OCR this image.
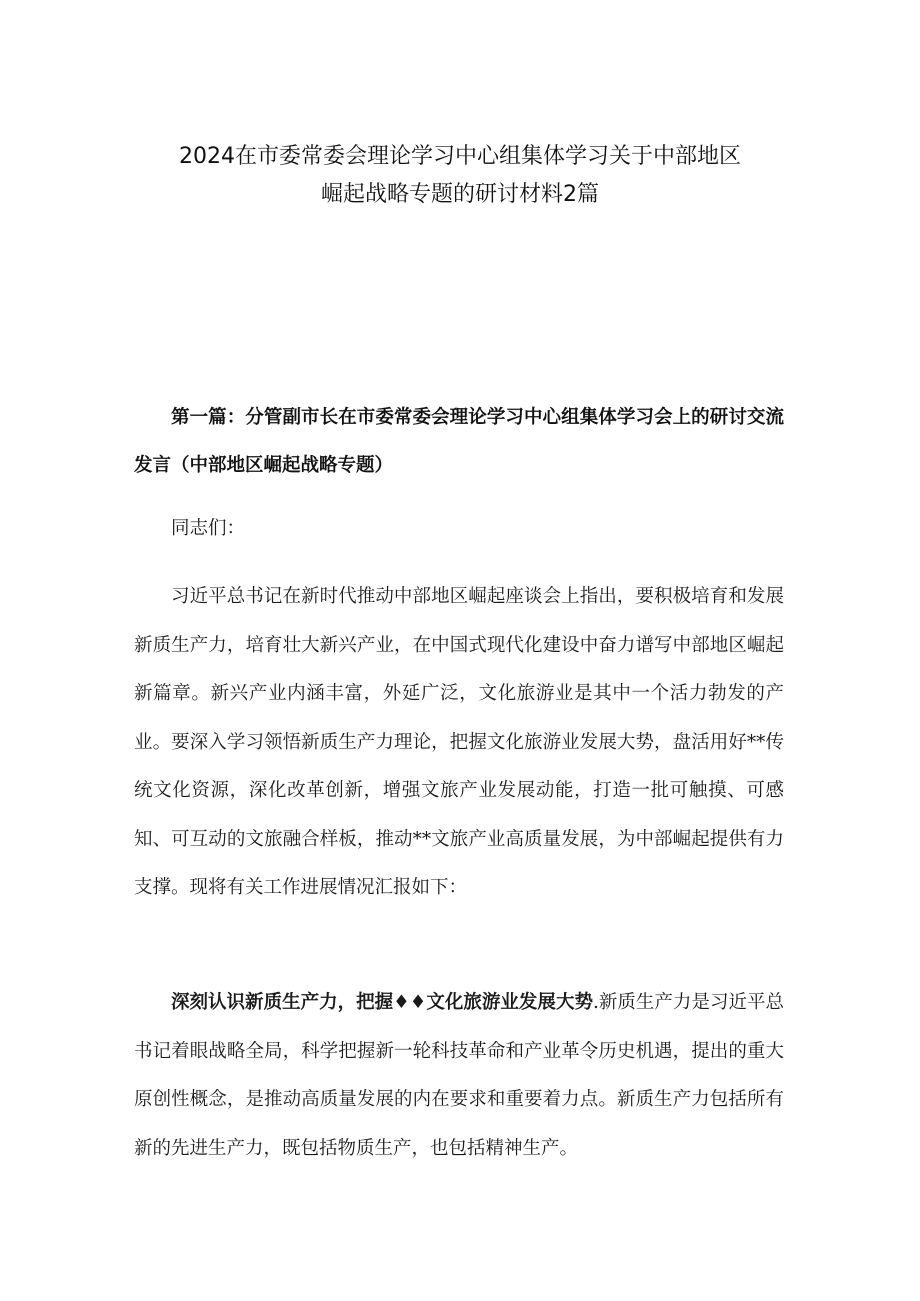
2024在市委常委会理论学习中心组集体学习关于中部地区
崛起战略专题的研讨材料2篇
第一篇：分管副市长在市委常委会理论学习中心组集体学习会上的研讨交流发言（中部地区崛起战略专题）
同志们：

习近平总书记在新时代推动中部地区崛起座谈会上指出，要积极培育和发展新质生产力，培育壮大新兴产业，在中国式现代化建设中奋力谱写中部地区崛起新篇章。新兴产业内涵丰富，外延广泛，文化旅游业是其中一个活力勃发的产业。要深入学习领悟新质生产力理论，把握文化旅游业发展大势，盘活用好**传统文化资源，深化改革创新，增强文旅产业发展动能，打造一批可触摸、可感知、可互动的文旅融合样板，推动**文旅产业高质量发展，为中部崛起提供有力支撑。现将有关工作进展情况汇报如下：

深刻认识新质生产力，把握♦♦文化旅游业发展大势.新质生产力是习近平总书记着眼战略全局，科学把握新一轮科技革命和产业革令历史机遇，提出的重大原创性概念，是推动高质量发展的内在要求和重要着力点。新质生产力包括所有新的先进生产力，既包括物质生产，也包括精神生产。
